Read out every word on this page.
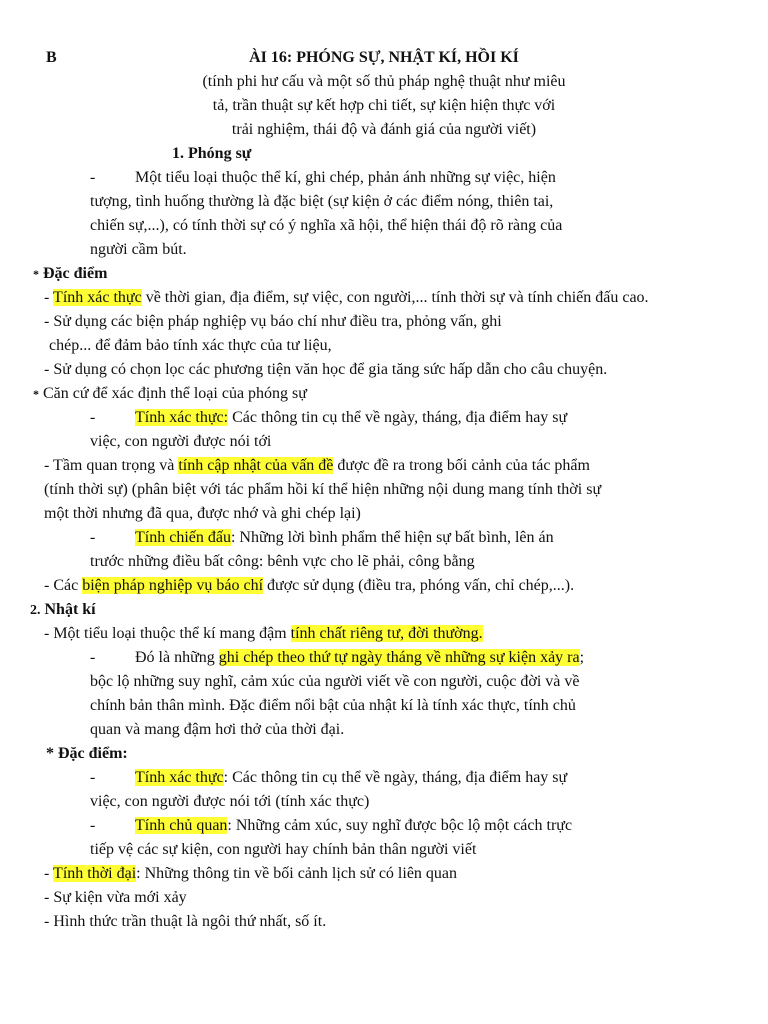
B	ÀI 16: PHÓNG SỰ, NHẬT KÍ, HỒI KÍ
(tính phi hư cấu và một số thủ pháp nghệ thuật như miêu
tả, trần thuật sự kết hợp chi tiết, sự kiện hiện thực với
trải nghiệm, thái độ và đánh giá của người viết)
1. Phóng sự
- Một tiểu loại thuộc thể kí, ghi chép, phản ánh những sự việc, hiện
tượng, tình huống thường là đặc biệt (sự kiện ở các điểm nóng, thiên tai,
chiến sự,...), có tính thời sự có ý nghĩa xã hội, thể hiện thái độ rõ ràng của
người cầm bút.
* Đặc điểm
- Tính xác thực về thời gian, địa điểm, sự việc, con người,... tính thời sự và tính chiến đấu cao.
- Sử dụng các biện pháp nghiệp vụ báo chí như điều tra, phỏng vấn, ghi
chép... để đảm bảo tính xác thực của tư liệu,
- Sử dụng có chọn lọc các phương tiện văn học để gia tăng sức hấp dẫn cho câu chuyện.
* Căn cứ để xác định thể loại của phóng sự
- Tính xác thực: Các thông tin cụ thể về ngày, tháng, địa điểm hay sự
việc, con người được nói tới
- Tầm quan trọng và tính cập nhật của vấn đề được đề ra trong bối cảnh của tác phẩm
(tính thời sự) (phân biệt với tác phẩm hồi kí thể hiện những nội dung mang tính thời sự
một thời nhưng đã qua, được nhớ và ghi chép lại)
- Tính chiến đấu: Những lời bình phẩm thể hiện sự bất bình, lên án
trước những điều bất công: bênh vực cho lẽ phải, công bằng
- Các biện pháp nghiệp vụ báo chí được sử dụng (điều tra, phóng vấn, chỉ chép,...).
2. Nhật kí
- Một tiểu loại thuộc thể kí mang đậm tính chất riêng tư, đời thường.
- Đó là những ghi chép theo thứ tự ngày tháng về những sự kiện xảy ra;
bộc lộ những suy nghĩ, cảm xúc của người viết về con người, cuộc đời và về
chính bản thân mình. Đặc điểm nổi bật của nhật kí là tính xác thực, tính chủ
quan và mang đậm hơi thở của thời đại.
* Đặc điểm:
- Tính xác thực: Các thông tin cụ thể về ngày, tháng, địa điểm hay sự
việc, con người được nói tới (tính xác thực)
- Tính chủ quan: Những cảm xúc, suy nghĩ được bộc lộ một cách trực
tiếp vệ các sự kiện, con người hay chính bản thân người viết
- Tính thời đại: Những thông tin về bối cảnh lịch sử có liên quan
- Sự kiện vừa mới xảy
- Hình thức trần thuật là ngôi thứ nhất, số ít.
